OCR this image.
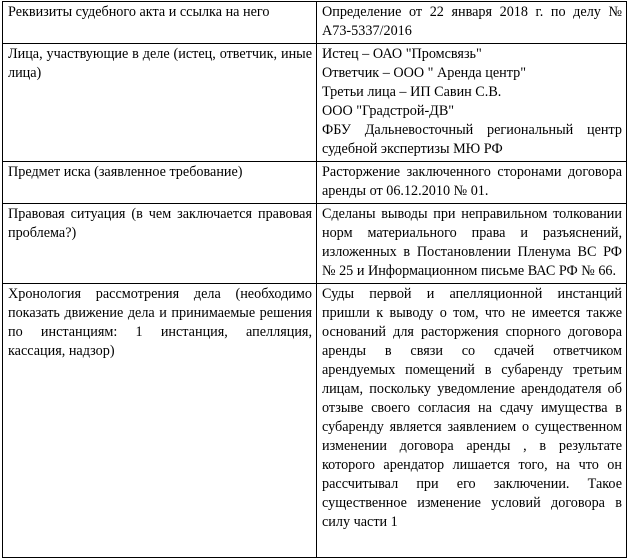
Реквизиты судебного акта и ссылка на него	Определение от 22 января 2018 г. по делу № А73-5337/2016
Лица, участвующие в деле (истец, ответчик, иные лица)	Истец – ОАО "Промсвязь"
Ответчик – ООО " Аренда центр"
Третьи лица – ИП Савин С.В.
ООО "Градстрой-ДВ"
ФБУ Дальневосточный региональный центр судебной экспертизы МЮ РФ

Предмет иска (заявленное требование)	Расторжение заключенного сторонами договора аренды от 06.12.2010 № 01.
Правовая ситуация (в чем заключается правовая проблема?)	Сделаны выводы при неправильном толковании норм материального права и разъяснений, изложенных в Постановлении Пленума ВС РФ № 25 и Информационном письме ВАС РФ № 66.
Хронология рассмотрения дела (необходимо показать движение дела и принимаемые решения по инстанциям: 1 инстанция, апелляция, кассация, надзор)	Суды первой и апелляционной инстанций пришли к выводу о том, что не имеется также оснований для расторжения спорного договора аренды в связи со сдачей ответчиком арендуемых помещений в субаренду третьим лицам, поскольку уведомление арендодателя об отзыве своего согласия на сдачу имущества в субаренду является заявлением о существенном изменении договора аренды , в результате которого арендатор лишается того, на что он рассчитывал при его заключении. Такое существенное изменение условий договора в силу части 1
